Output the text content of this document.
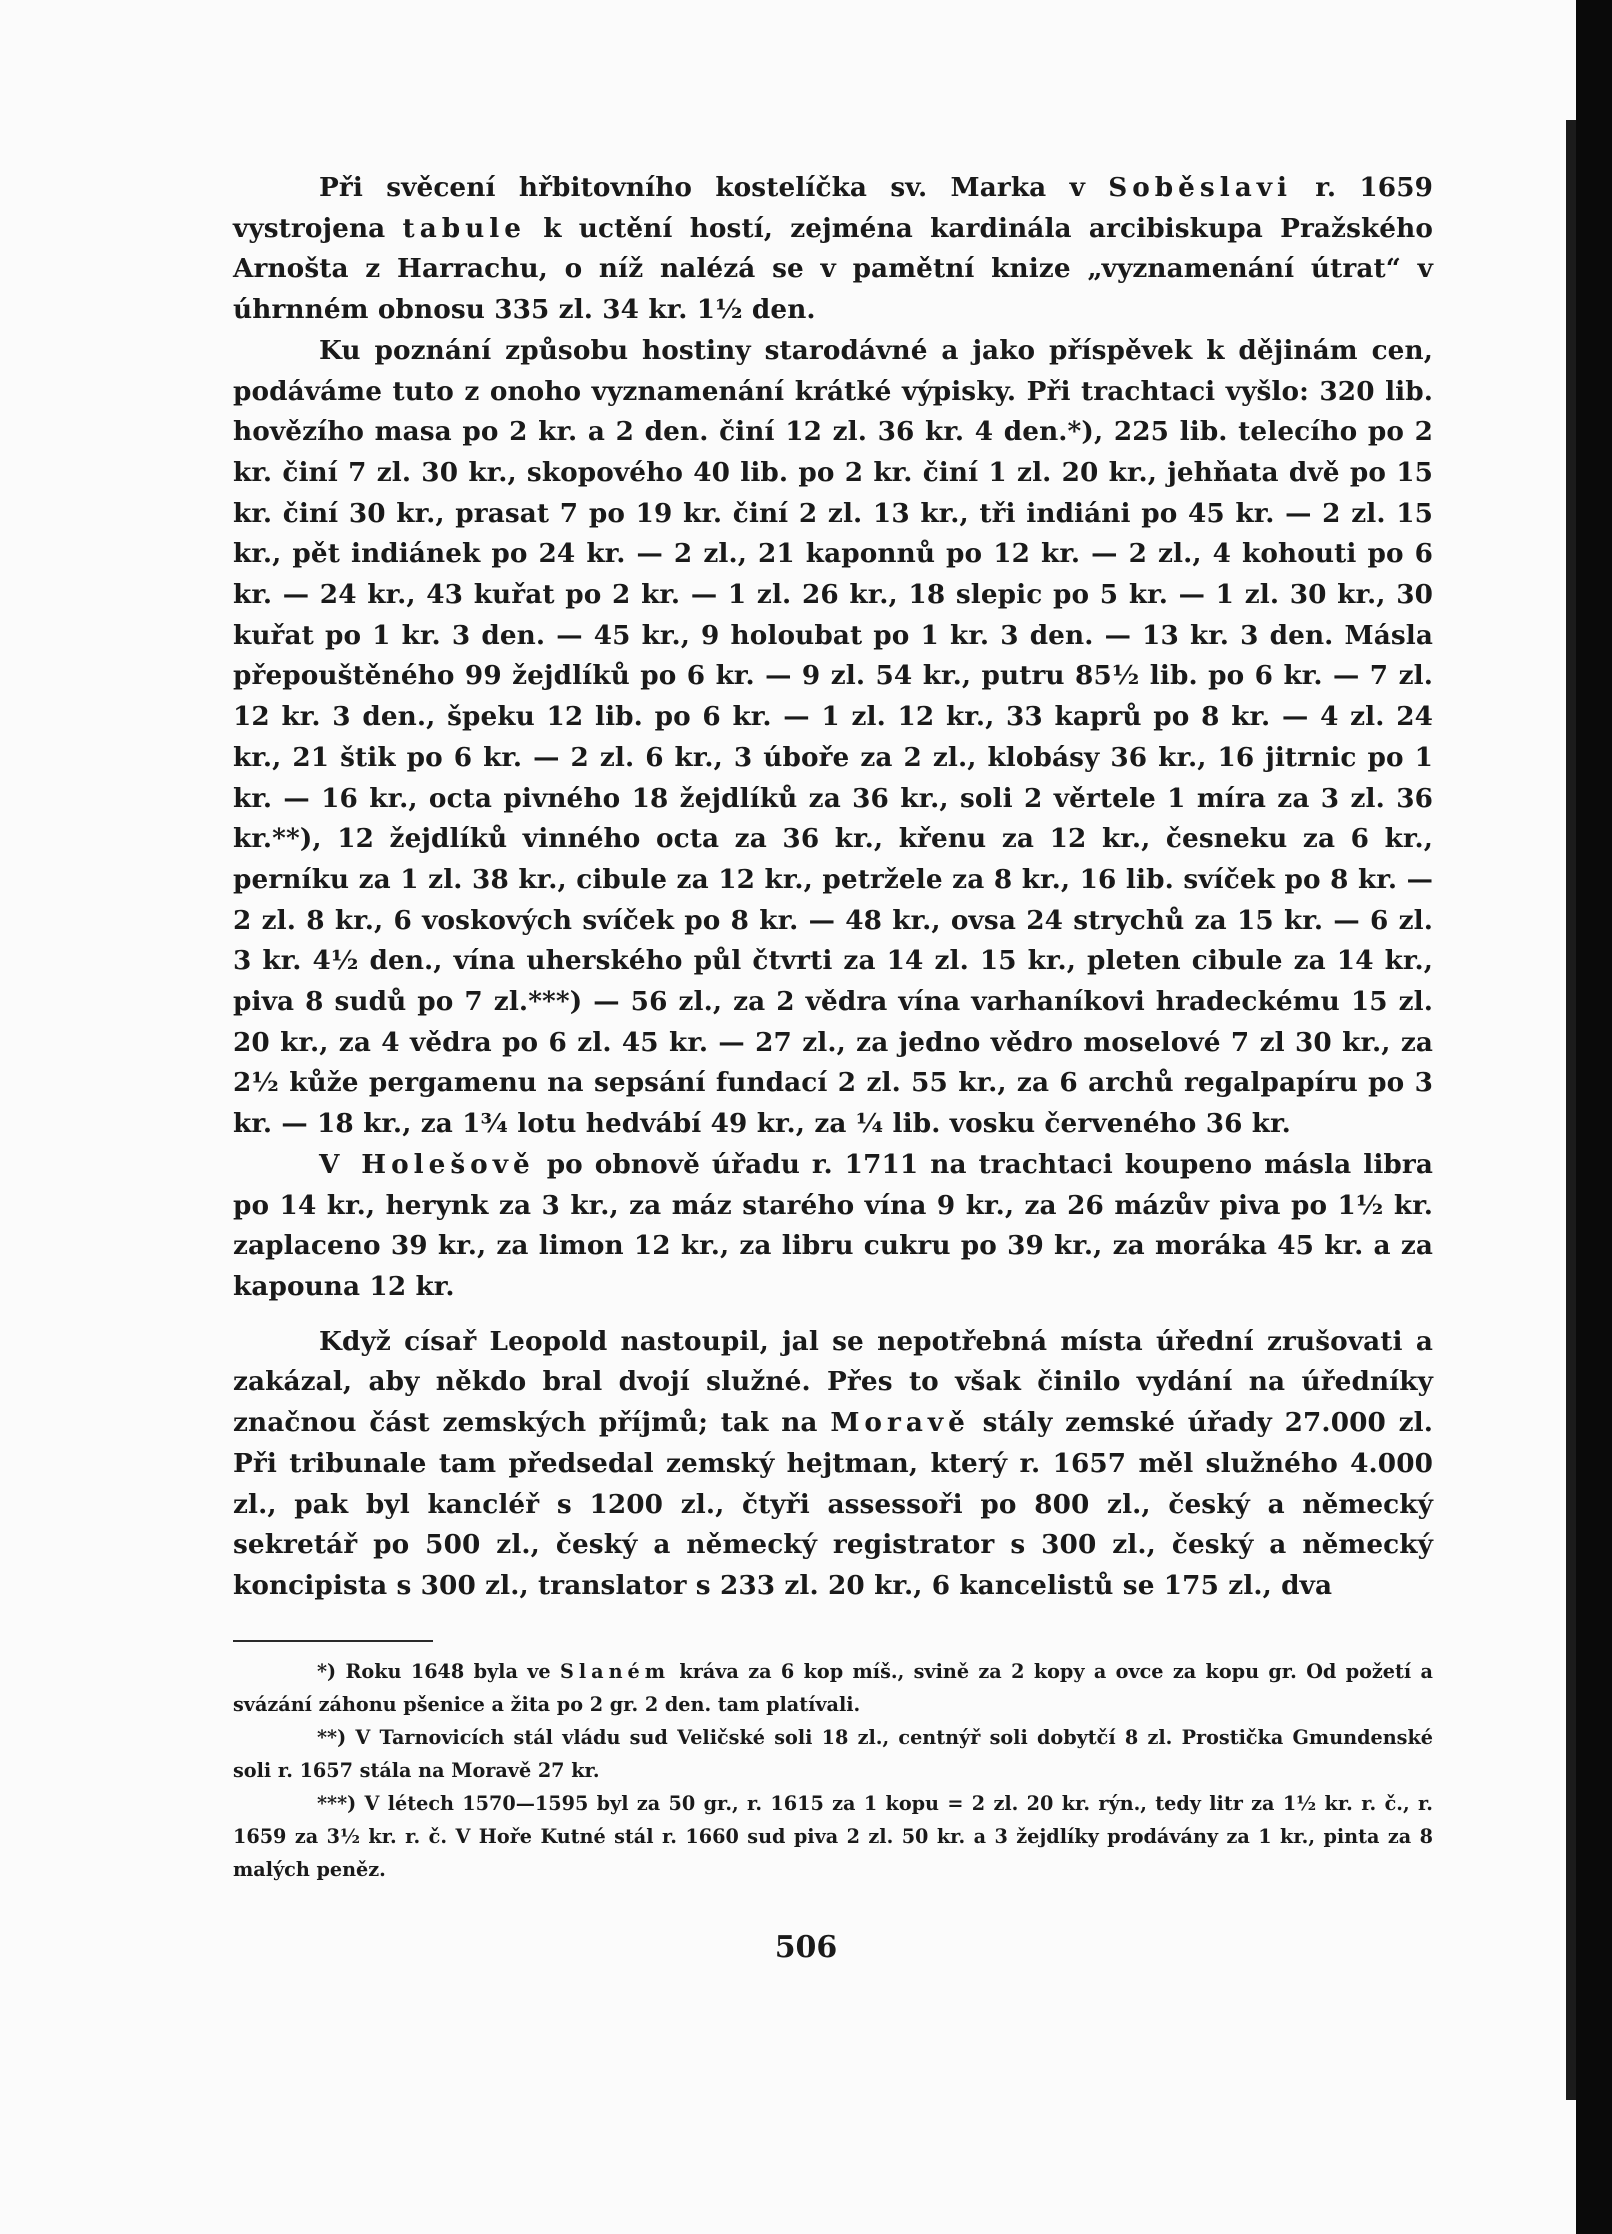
Při svěcení hřbitovního kostelíčka sv. Marka v Soběslavi r. 1659 vystrojena tabule k uctění hostí, zejména kardinála arcibiskupa Pražského Arnošta z Harrachu, o níž nalézá se v pamětní knize „vyznamenání útrat“ v úhrnném obnosu 335 zl. 34 kr. 1½ den.

Ku poznání způsobu hostiny starodávné a jako příspěvek k dějinám cen, podáváme tuto z onoho vyznamenání krátké výpisky. Při trachtaci vyšlo: 320 lib. hovězího masa po 2 kr. a 2 den. činí 12 zl. 36 kr. 4 den.*), 225 lib. telecího po 2 kr. činí 7 zl. 30 kr., skopového 40 lib. po 2 kr. činí 1 zl. 20 kr., jehňata dvě po 15 kr. činí 30 kr., prasat 7 po 19 kr. činí 2 zl. 13 kr., tři indiáni po 45 kr. — 2 zl. 15 kr., pět indiánek po 24 kr. — 2 zl., 21 kaponnů po 12 kr. — 2 zl., 4 kohouti po 6 kr. — 24 kr., 43 kuřat po 2 kr. — 1 zl. 26 kr., 18 slepic po 5 kr. — 1 zl. 30 kr., 30 kuřat po 1 kr. 3 den. — 45 kr., 9 holoubat po 1 kr. 3 den. — 13 kr. 3 den. Másla přepouštěného 99 žejdlíků po 6 kr. — 9 zl. 54 kr., putru 85½ lib. po 6 kr. — 7 zl. 12 kr. 3 den., špeku 12 lib. po 6 kr. — 1 zl. 12 kr., 33 kaprů po 8 kr. — 4 zl. 24 kr., 21 štik po 6 kr. — 2 zl. 6 kr., 3 úboře za 2 zl., klobásy 36 kr., 16 jitrnic po 1 kr. — 16 kr., octa pivného 18 žejdlíků za 36 kr., soli 2 věrtele 1 míra za 3 zl. 36 kr.**), 12 žejdlíků vinného octa za 36 kr., křenu za 12 kr., česneku za 6 kr., perníku za 1 zl. 38 kr., cibule za 12 kr., petržele za 8 kr., 16 lib. svíček po 8 kr. — 2 zl. 8 kr., 6 voskových svíček po 8 kr. — 48 kr., ovsa 24 strychů za 15 kr. — 6 zl. 3 kr. 4½ den., vína uherského půl čtvrti za 14 zl. 15 kr., pleten cibule za 14 kr., piva 8 sudů po 7 zl.***) — 56 zl., za 2 vědra vína varhaníkovi hradeckému 15 zl. 20 kr., za 4 vědra po 6 zl. 45 kr. — 27 zl., za jedno vědro moselové 7 zl 30 kr., za 2½ kůže pergamenu na sepsání fundací 2 zl. 55 kr., za 6 archů regalpapíru po 3 kr. — 18 kr., za 1¾ lotu hedvábí 49 kr., za ¼ lib. vosku červeného 36 kr.

V Holešově po obnově úřadu r. 1711 na trachtaci koupeno másla libra po 14 kr., herynk za 3 kr., za máz starého vína 9 kr., za 26 mázův piva po 1½ kr. zaplaceno 39 kr., za limon 12 kr., za libru cukru po 39 kr., za moráka 45 kr. a za kapouna 12 kr.

Když císař Leopold nastoupil, jal se nepotřebná místa úřední zrušovati a zakázal, aby někdo bral dvojí služné. Přes to však činilo vydání na úředníky značnou část zemských příjmů; tak na Moravě stály zemské úřady 27.000 zl. Při tribunale tam předsedal zemský hejtman, který r. 1657 měl služného 4.000 zl., pak byl kancléř s 1200 zl., čtyři assessoři po 800 zl., český a německý sekretář po 500 zl., český a německý registrator s 300 zl., český a německý koncipista s 300 zl., translator s 233 zl. 20 kr., 6 kancelistů se 175 zl., dva

*) Roku 1648 byla ve Slaném kráva za 6 kop míš., svině za 2 kopy a ovce za kopu gr. Od požetí a svázání záhonu pšenice a žita po 2 gr. 2 den. tam platívali.

**) V Tarnovicích stál vládu sud Veličské soli 18 zl., centnýř soli dobytčí 8 zl. Prostička Gmundenské soli r. 1657 stála na Moravě 27 kr.

***) V létech 1570—1595 byl za 50 gr., r. 1615 za 1 kopu = 2 zl. 20 kr. rýn., tedy litr za 1½ kr. r. č., r. 1659 za 3½ kr. r. č. V Hoře Kutné stál r. 1660 sud piva 2 zl. 50 kr. a 3 žejdlíky prodávány za 1 kr., pinta za 8 malých peněz.

506
